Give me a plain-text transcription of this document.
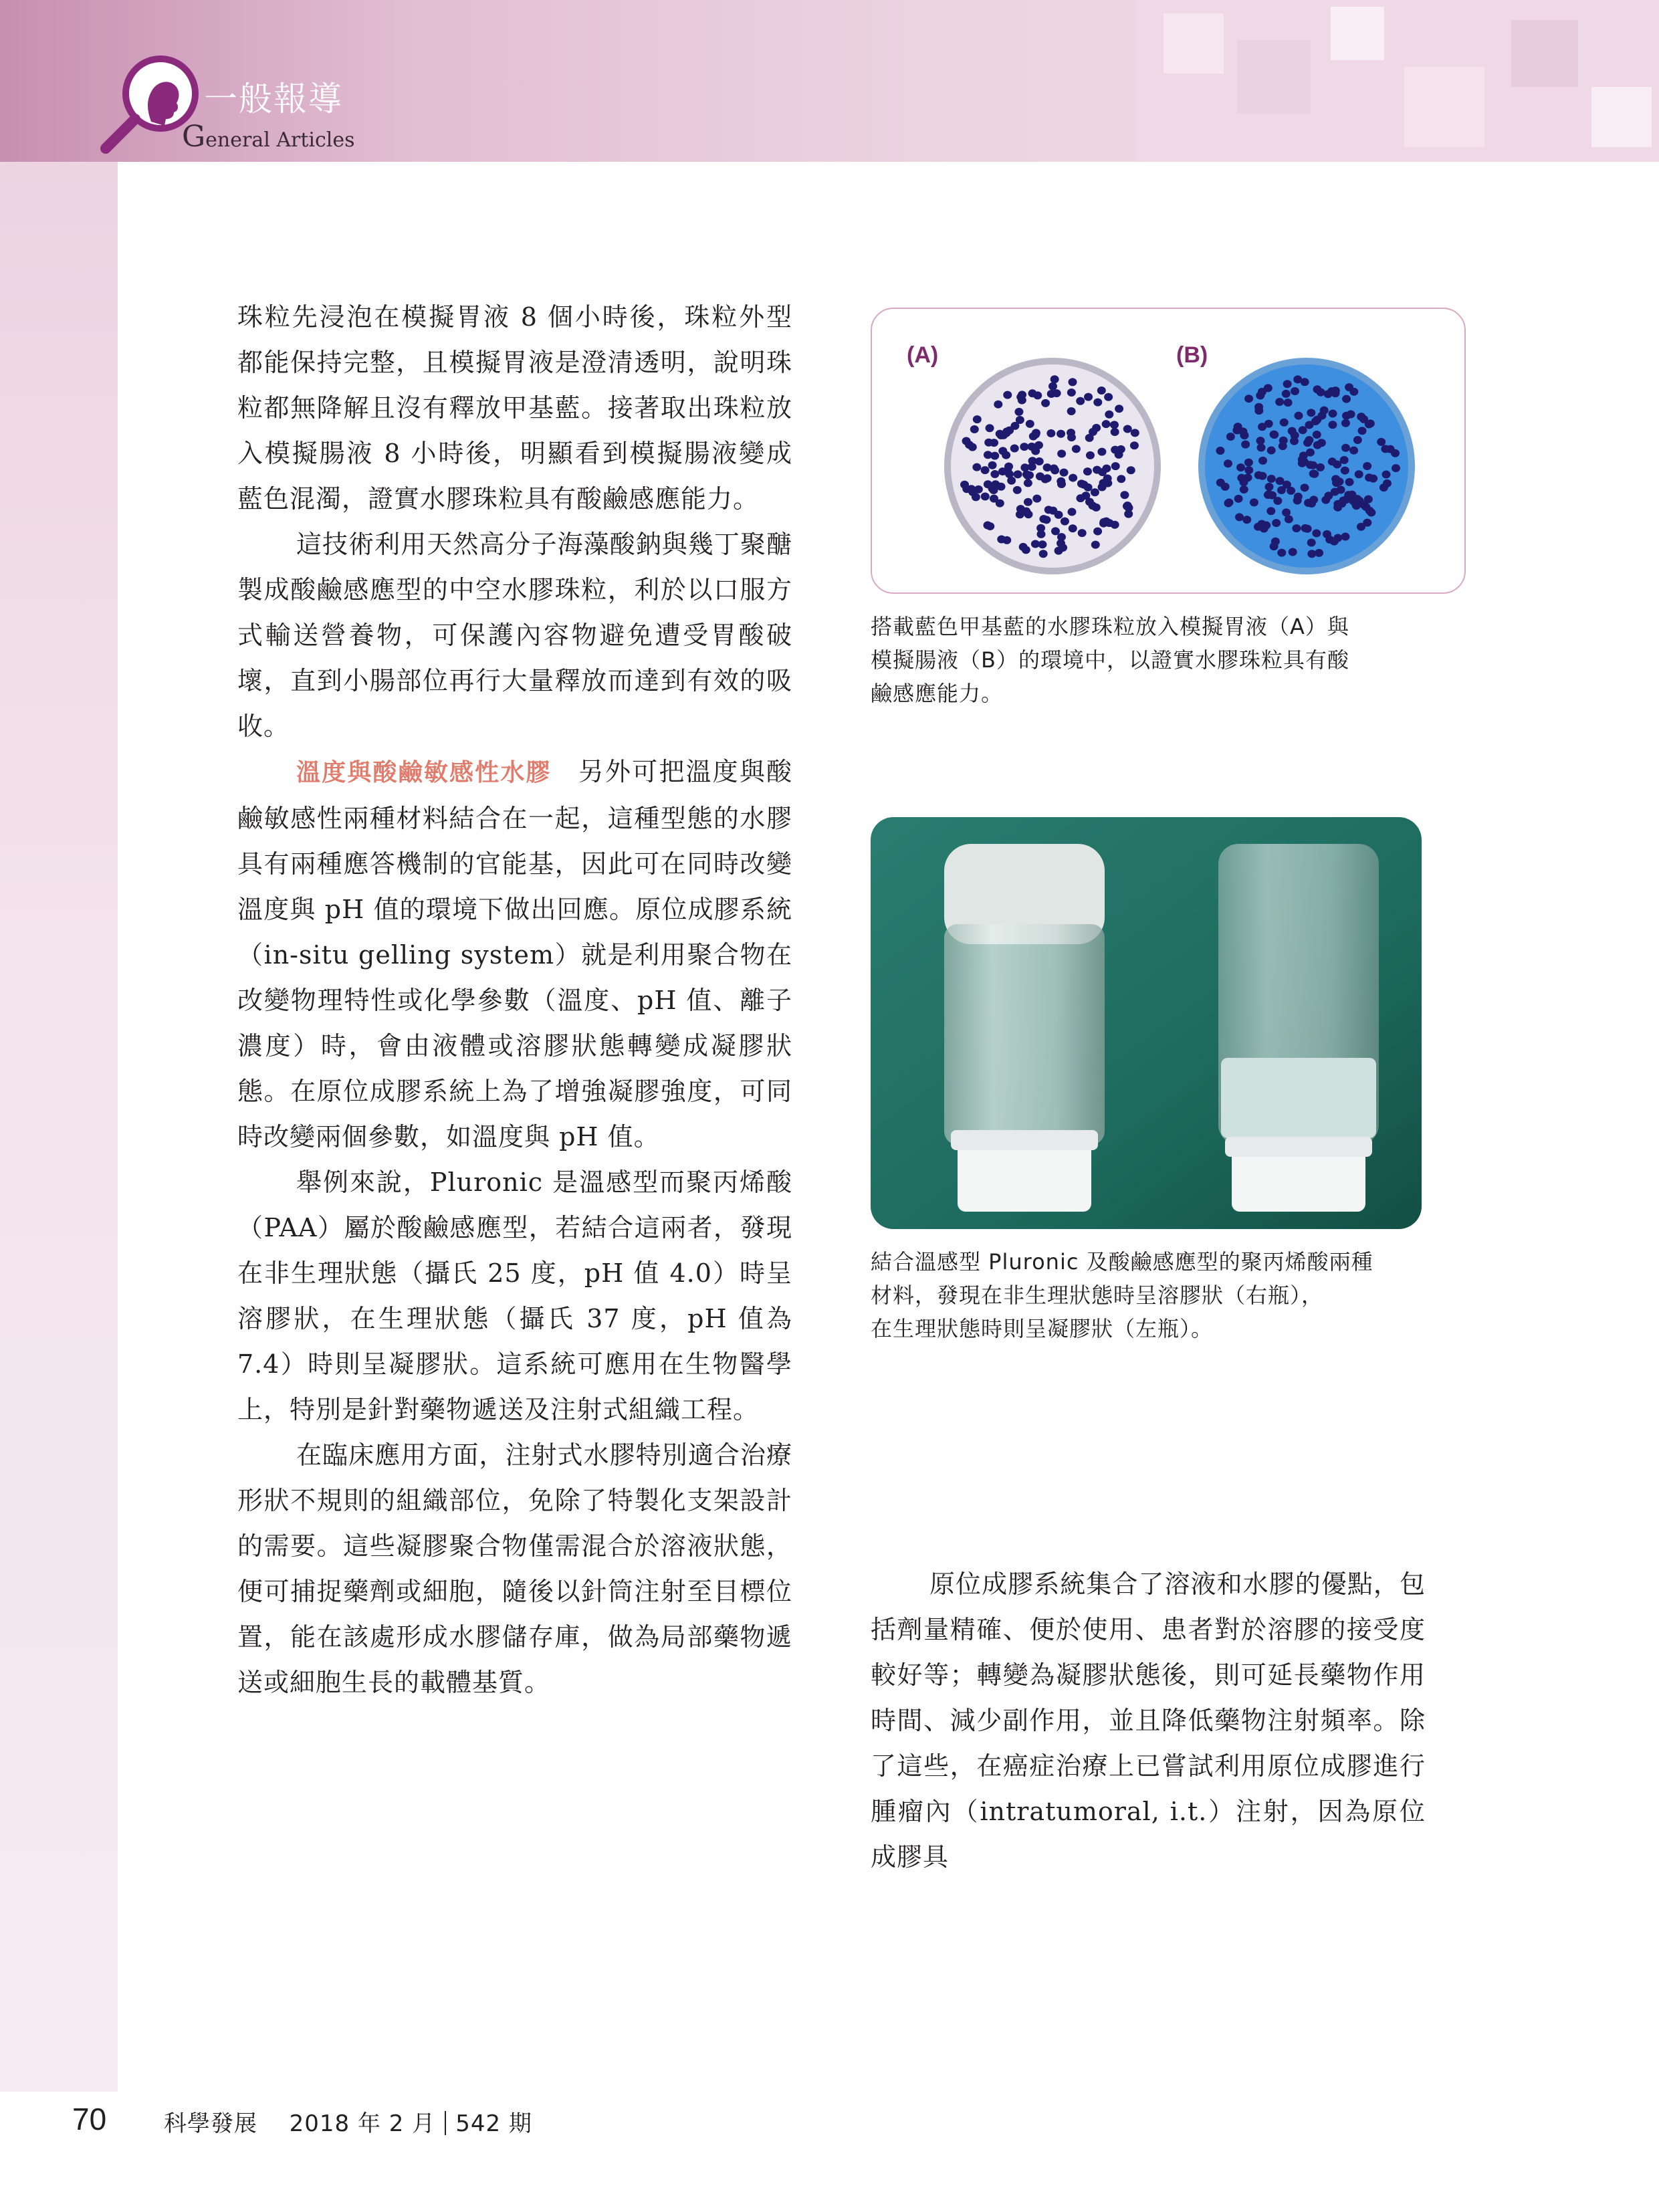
一般報導
General Articles

珠粒先浸泡在模擬胃液 8 個小時後，珠粒外型都能保持完整，且模擬胃液是澄清透明，說明珠粒都無降解且沒有釋放甲基藍。接著取出珠粒放入模擬腸液 8 小時後，明顯看到模擬腸液變成藍色混濁，證實水膠珠粒具有酸鹼感應能力。

這技術利用天然高分子海藻酸鈉與幾丁聚醣製成酸鹼感應型的中空水膠珠粒，利於以口服方式輸送營養物，可保護內容物避免遭受胃酸破壞，直到小腸部位再行大量釋放而達到有效的吸收。

溫度與酸鹼敏感性水膠　 另外可把溫度與酸鹼敏感性兩種材料結合在一起，這種型態的水膠具有兩種應答機制的官能基，因此可在同時改變溫度與 pH 值的環境下做出回應。原位成膠系統（in-situ gelling system）就是利用聚合物在改變物理特性或化學參數（溫度、pH 值、離子濃度）時，會由液體或溶膠狀態轉變成凝膠狀態。在原位成膠系統上為了增強凝膠強度，可同時改變兩個參數，如溫度與 pH 值。

舉例來說，Pluronic 是溫感型而聚丙烯酸（PAA）屬於酸鹼感應型，若結合這兩者，發現在非生理狀態（攝氏 25 度，pH 值 4.0）時呈溶膠狀，在生理狀態（攝氏 37 度，pH 值為 7.4）時則呈凝膠狀。這系統可應用在生物醫學上，特別是針對藥物遞送及注射式組織工程。

在臨床應用方面，注射式水膠特別適合治療形狀不規則的組織部位，免除了特製化支架設計的需要。這些凝膠聚合物僅需混合於溶液狀態，便可捕捉藥劑或細胞，隨後以針筒注射至目標位置，能在該處形成水膠儲存庫，做為局部藥物遞送或細胞生長的載體基質。

(A)	(B)

搭載藍色甲基藍的水膠珠粒放入模擬胃液（A）與

模擬腸液（B）的環境中，以證實水膠珠粒具有酸

鹼感應能力。

結合溫感型 Pluronic 及酸鹼感應型的聚丙烯酸兩種

材料，發現在非生理狀態時呈溶膠狀（右瓶），

在生理狀態時則呈凝膠狀（左瓶）。

原位成膠系統集合了溶液和水膠的優點，包括劑量精確、便於使用、患者對於溶膠的接受度較好等；轉變為凝膠狀態後，則可延長藥物作用時間、減少副作用，並且降低藥物注射頻率。除了這些，在癌症治療上已嘗試利用原位成膠進行腫瘤內（intratumoral, i.t.）注射，因為原位成膠具

70	科學發展 2018 年 2 月 542 期
